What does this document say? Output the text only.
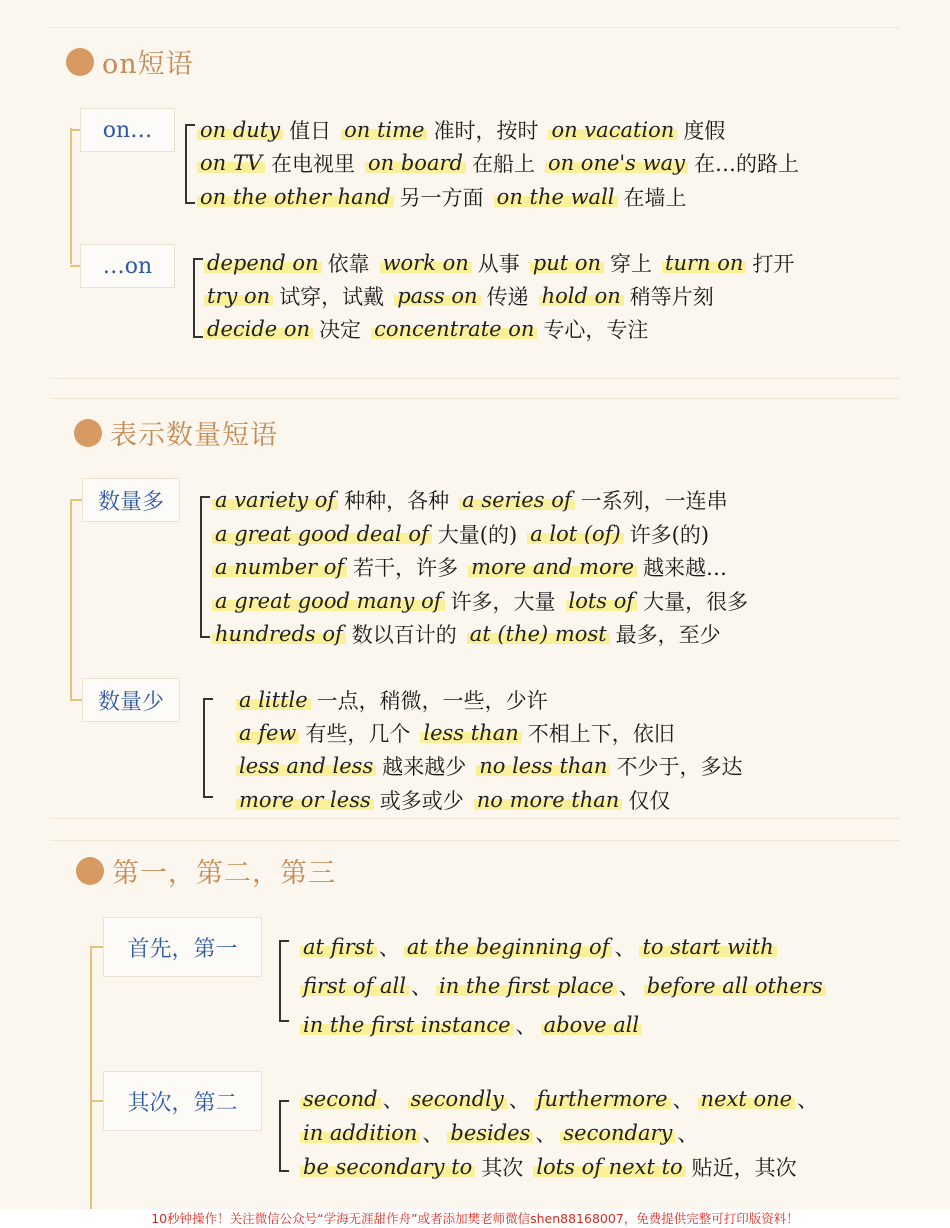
on短语
on…	on duty 值日 on time 准时，按时 on vacation 度假
on TV 在电视里 on board 在船上 on one's way 在…的路上
on the other hand 另一方面 on the wall 在墙上
…on	depend on 依靠 work on 从事 put on 穿上 turn on 打开
try on 试穿，试戴 pass on 传递 hold on 稍等片刻
decide on 决定 concentrate on 专心，专注
表示数量短语
数量多	a variety of 种种，各种 a series of 一系列，一连串
a great good deal of 大量(的) a lot (of) 许多(的)
a number of 若干，许多 more and more 越来越…
a great good many of 许多，大量 lots of 大量，很多
hundreds of 数以百计的 at (the) most 最多，至少
数量少	a little 一点，稍微，一些，少许
a few 有些，几个 less than 不相上下，依旧
less and less 越来越少 no less than 不少于，多达
more or less 或多或少 no more than 仅仅
第一，第二，第三
首先，第一	at first 、 at the beginning of 、 to start with
first of all 、 in the first place 、 before all others
in the first instance 、 above all
其次，第二	second 、 secondly 、 furthermore 、 next one 、
in addition 、 besides 、 secondary 、
be secondary to 其次 lots of next to 贴近，其次
10秒钟操作！关注微信公众号“学海无涯甜作舟”或者添加樊老师微信shen88168007，免费提供完整可打印版资料！
